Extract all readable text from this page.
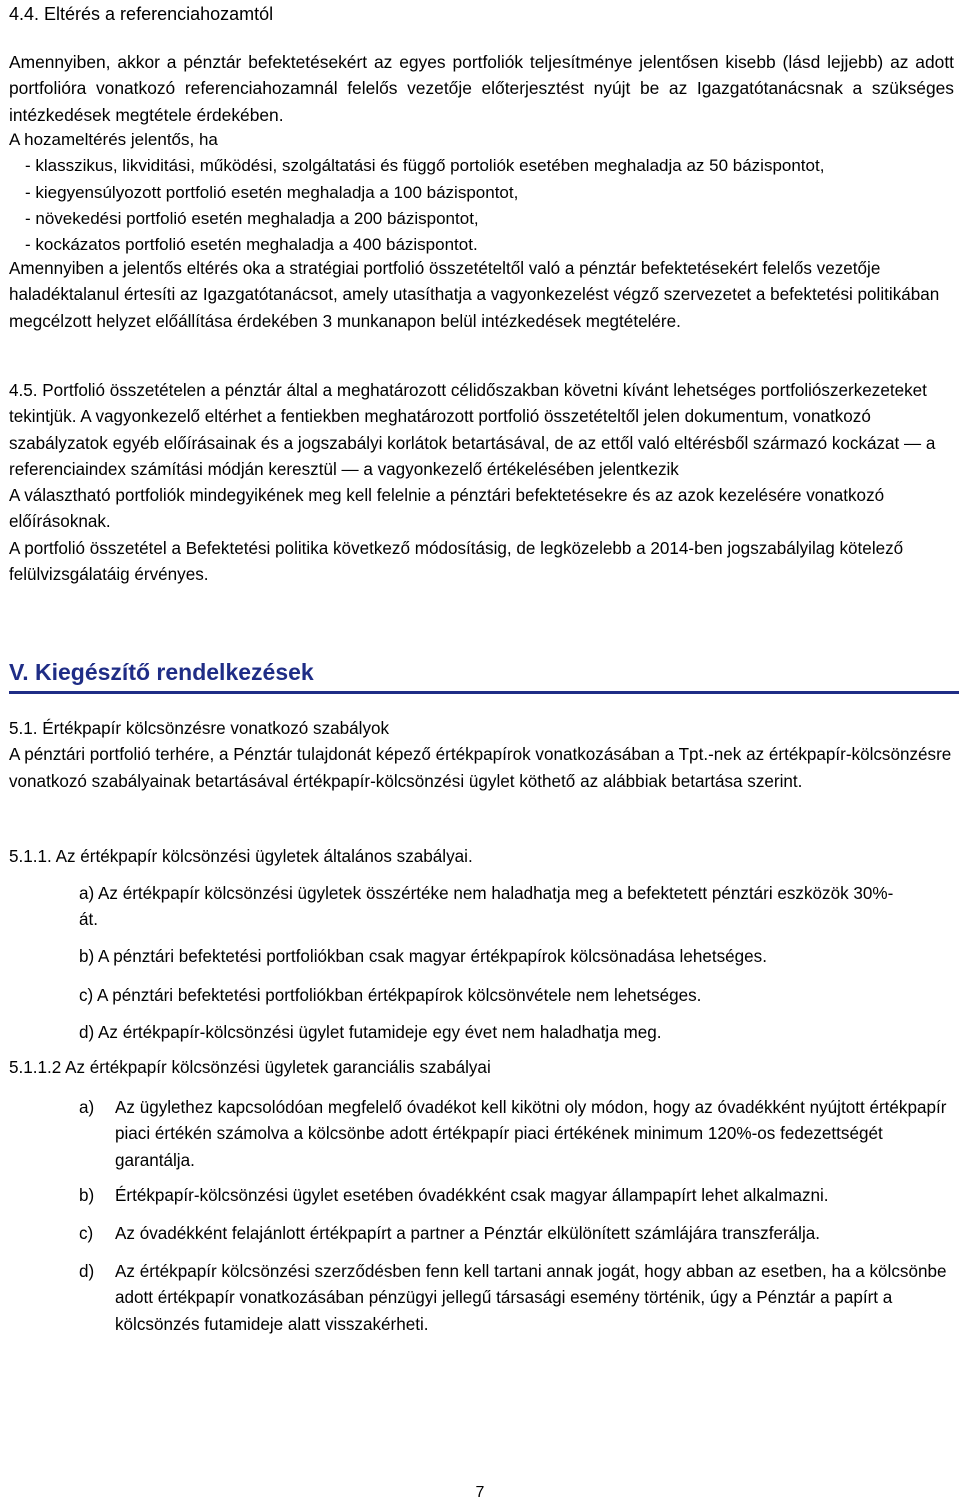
4.4. Eltérés a referenciahozamtól

Amennyiben, akkor a pénztár befektetésekért az egyes portfoliók teljesítménye jelentősen kisebb (lásd lejjebb) az adott portfolióra vonatkozó referenciahozamnál felelős vezetője előterjesztést nyújt be az Igazgatótanácsnak a szükséges intézkedések megtétele érdekében.

A hozameltérés jelentős, ha

- klasszikus, likviditási, működési, szolgáltatási és függő portoliók esetében meghaladja az 50 bázispontot,

- kiegyensúlyozott portfolió esetén meghaladja a 100 bázispontot,

- növekedési portfolió esetén meghaladja a 200 bázispontot,

- kockázatos portfolió esetén meghaladja a 400 bázispontot.

Amennyiben a jelentős eltérés oka a stratégiai portfolió összetételtől való a pénztár befektetésekért felelős vezetője haladéktalanul értesíti az Igazgatótanácsot, amely utasíthatja a vagyonkezelést végző szervezetet a befektetési politikában megcélzott helyzet előállítása érdekében 3 munkanapon belül intézkedések megtételére.

4.5. Portfolió összetételen a pénztár által a meghatározott célidőszakban követni kívánt lehetséges portfoliószerkezeteket tekintjük. A vagyonkezelő eltérhet a fentiekben meghatározott portfolió összetételtől jelen dokumentum, vonatkozó szabályzatok egyéb előírásainak és a jogszabályi korlátok betartásával, de az ettől való eltérésből származó kockázat — a referenciaindex számítási módján keresztül — a vagyonkezelő értékelésében jelentkezik

A választható portfoliók mindegyikének meg kell felelnie a pénztári befektetésekre és az azok kezelésére vonatkozó előírásoknak.

A portfolió összetétel a Befektetési politika következő módosításig, de legközelebb a 2014-ben jogszabályilag kötelező felülvizsgálatáig érvényes.

V. Kiegészítő rendelkezések

5.1. Értékpapír kölcsönzésre vonatkozó szabályok

A pénztári portfolió terhére, a Pénztár tulajdonát képező értékpapírok vonatkozásában a Tpt.-nek az értékpapír-kölcsönzésre vonatkozó szabályainak betartásával értékpapír-kölcsönzési ügylet köthető az alábbiak betartása szerint.

5.1.1. Az értékpapír kölcsönzési ügyletek általános szabályai.

a) Az értékpapír kölcsönzési ügyletek összértéke nem haladhatja meg a befektetett pénztári eszközök 30%-át.

b) A pénztári befektetési portfoliókban csak magyar értékpapírok kölcsönadása lehetséges.

c) A pénztári befektetési portfoliókban értékpapírok kölcsönvétele nem lehetséges.

d) Az értékpapír-kölcsönzési ügylet futamideje egy évet nem haladhatja meg.

5.1.1.2 Az értékpapír kölcsönzési ügyletek garanciális szabályai

a) Az ügylethez kapcsolódóan megfelelő óvadékot kell kikötni oly módon, hogy az óvadékként nyújtott értékpapír piaci értékén számolva a kölcsönbe adott értékpapír piaci értékének minimum 120%-os fedezettségét garantálja.
b) Értékpapír-kölcsönzési ügylet esetében óvadékként csak magyar állampapírt lehet alkalmazni.
c) Az óvadékként felajánlott értékpapírt a partner a Pénztár elkülönített számlájára transzferálja.
d) Az értékpapír kölcsönzési szerződésben fenn kell tartani annak jogát, hogy abban az esetben, ha a kölcsönbe adott értékpapír vonatkozásában pénzügyi jellegű társasági esemény történik, úgy a Pénztár a papírt a kölcsönzés futamideje alatt visszakérheti.
7
